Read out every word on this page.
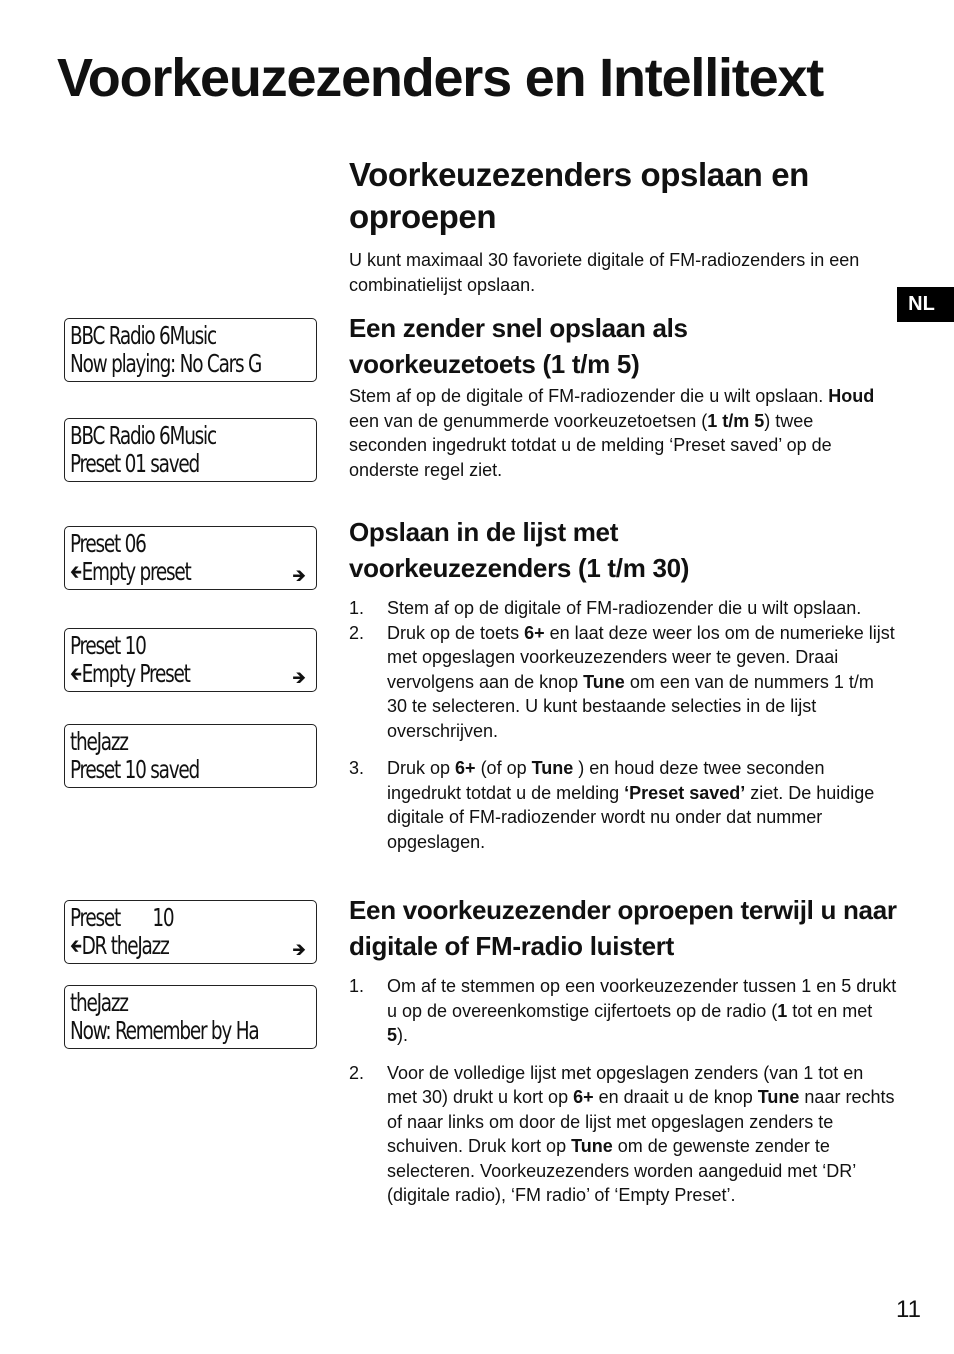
Voorkeuzezenders en Intellitext
NL
BBC Radio 6Music
Now playing: No Cars G
BBC Radio 6Music
Preset 01 saved
Preset 06
🡸Empty preset	🡺
Preset 10
🡸Empty Preset	🡺
theJazz
Preset 10 saved
Preset       10
🡸DR theJazz	🡺
theJazz
Now: Remember by Ha
Voorkeuzezenders opslaan en oproepen

U kunt maximaal 30 favoriete digitale of FM-radiozenders in een combinatielijst opslaan.

Een zender snel opslaan als voorkeuzetoets (1 t/m 5)

Stem af op de digitale of FM-radiozender die u wilt opslaan. Houd een van de genummerde voorkeuzetoetsen (1 t/m 5) twee seconden ingedrukt totdat u de melding ‘Preset saved’ op de onderste regel ziet.

Opslaan in de lijst met voorkeuzezenders (1 t/m 30)
1. Stem af op de digitale of FM-radiozender die u wilt opslaan.
2. Druk op de toets 6+ en laat deze weer los om de numerieke lijst met opgeslagen voorkeuzezenders weer te geven. Draai vervolgens aan de knop Tune om een van de nummers 1 t/m 30 te selecteren. U kunt bestaande selecties in de lijst overschrijven.
3. Druk op 6+ (of op Tune ) en houd deze twee seconden ingedrukt totdat u de melding ‘Preset saved’ ziet. De huidige digitale of FM-radiozender wordt nu onder dat nummer opgeslagen.
Een voorkeuzezender oproepen terwijl u naar digitale of FM-radio luistert
1. Om af te stemmen op een voorkeuzezender tussen 1 en 5 drukt u op de overeenkomstige cijfertoets op de radio (1 tot en met 5).
2. Voor de volledige lijst met opgeslagen zenders (van 1 tot en met 30) drukt u kort op 6+ en draait u de knop Tune naar rechts of naar links om door de lijst met opgeslagen zenders te schuiven. Druk kort op Tune om de gewenste zender te selecteren. Voorkeuzezenders worden aangeduid met ‘DR’ (digitale radio), ‘FM radio’ of ‘Empty Preset’.
11
